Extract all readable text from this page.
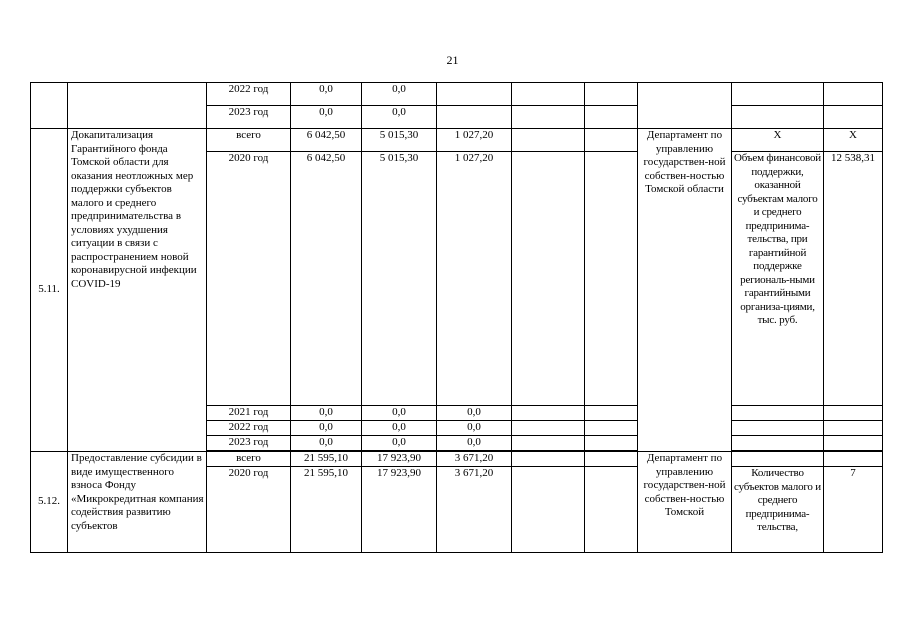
21
		2022 год	0,0	0,0						
		2023 год	0,0	0,0						
5.11.	Докапитализация Гарантийного фонда Томской области для оказания неотложных мер поддержки субъектов малого и среднего предпринимательства в условиях ухудшения ситуации в связи с распространением новой коронавирусной инфекции COVID-19	всего	6 042,50	5 015,30	1 027,20			Департамент по управлению государствен-ной собствен-ностью Томской области	Х	Х
		2020 год	6 042,50	5 015,30	1 027,20				Объем финансовой поддержки, оказанной субъектам малого и среднего предпринима-тельства, при гарантийной поддержке региональ-ными гарантийными организа-циями, тыс. руб.	12 538,31
		2021 год	0,0	0,0	0,0					
		2022 год	0,0	0,0	0,0					
		2023 год	0,0	0,0	0,0					

5.12.	Предоставление субсидии в виде имущественного взноса Фонду «Микрокредитная компания содействия развитию субъектов	всего	21 595,10	17 923,90	3 671,20			Департамент по управлению государствен-ной собствен-ностью Томской		
		2020 год	21 595,10	17 923,90	3 671,20				Количество субъектов малого и среднего предпринима-тельства,	7
